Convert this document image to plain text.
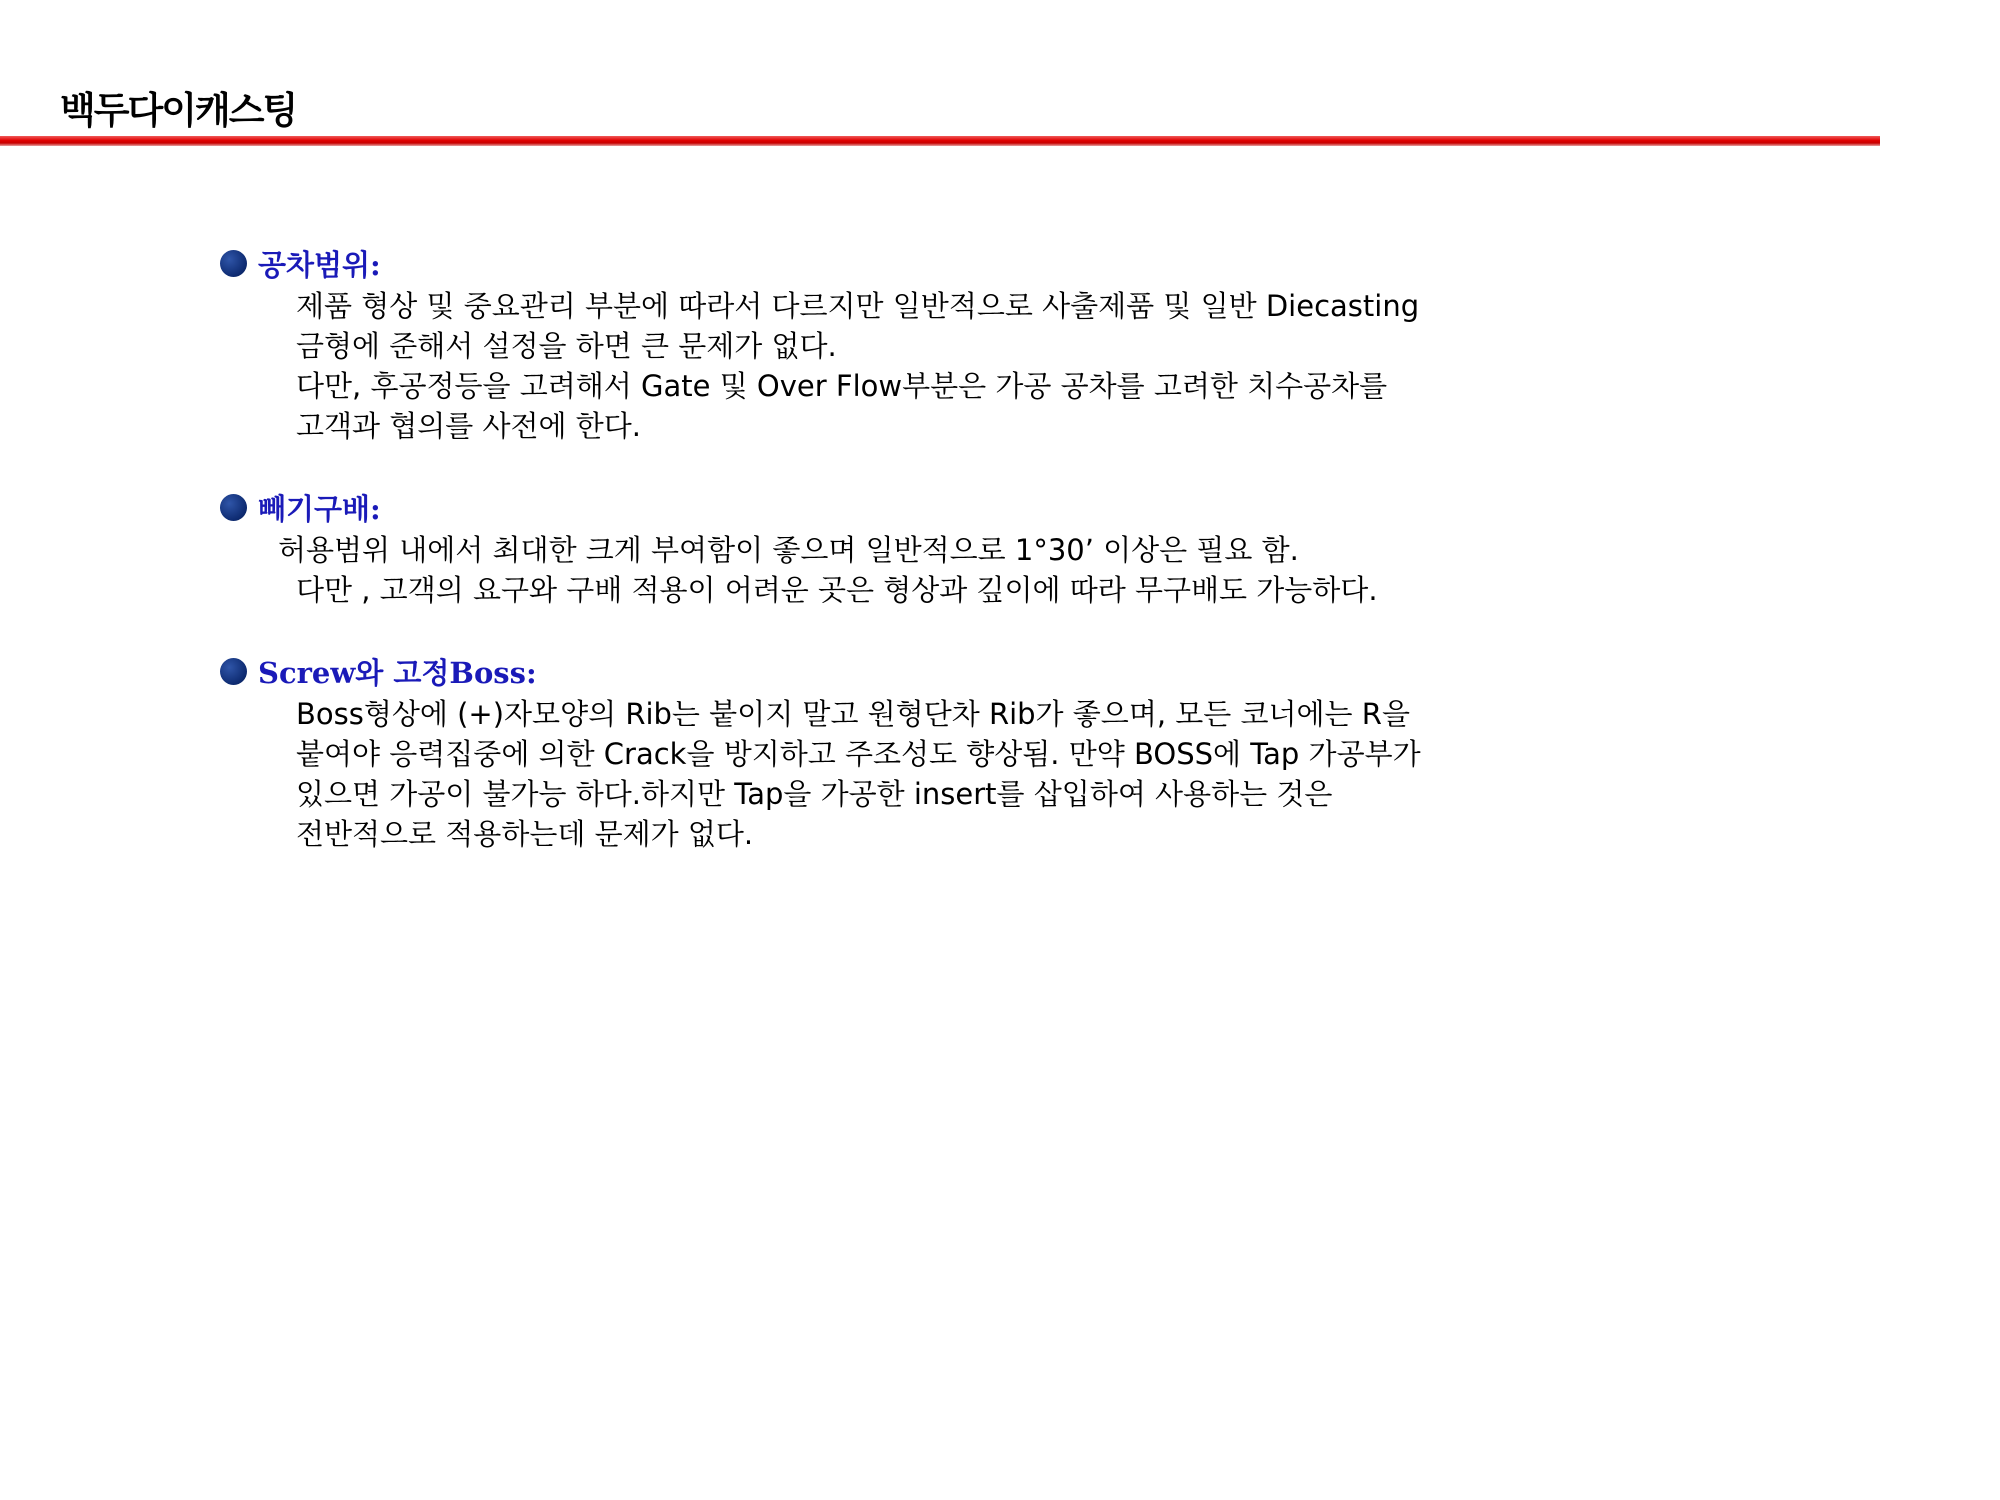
백두다이캐스팅
공차범위:
제품 형상 및 중요관리 부분에 따라서 다르지만 일반적으로 사출제품 및 일반 Diecasting
금형에 준해서 설정을 하면 큰 문제가 없다.
다만, 후공정등을 고려해서 Gate 및 Over Flow부분은 가공 공차를 고려한 치수공차를
고객과 협의를 사전에 한다.
빼기구배:
허용범위 내에서 최대한 크게 부여함이 좋으며 일반적으로 1°30’ 이상은 필요 함.
다만 , 고객의 요구와 구배 적용이 어려운 곳은 형상과 깊이에 따라 무구배도 가능하다.
Screw와 고정Boss:
Boss형상에 (+)자모양의 Rib는 붙이지 말고 원형단차 Rib가 좋으며, 모든 코너에는 R을
붙여야 응력집중에 의한 Crack을 방지하고 주조성도 향상됨. 만약 BOSS에 Tap 가공부가
있으면 가공이 불가능 하다.하지만 Tap을 가공한 insert를 삽입하여 사용하는 것은
전반적으로 적용하는데 문제가 없다.
